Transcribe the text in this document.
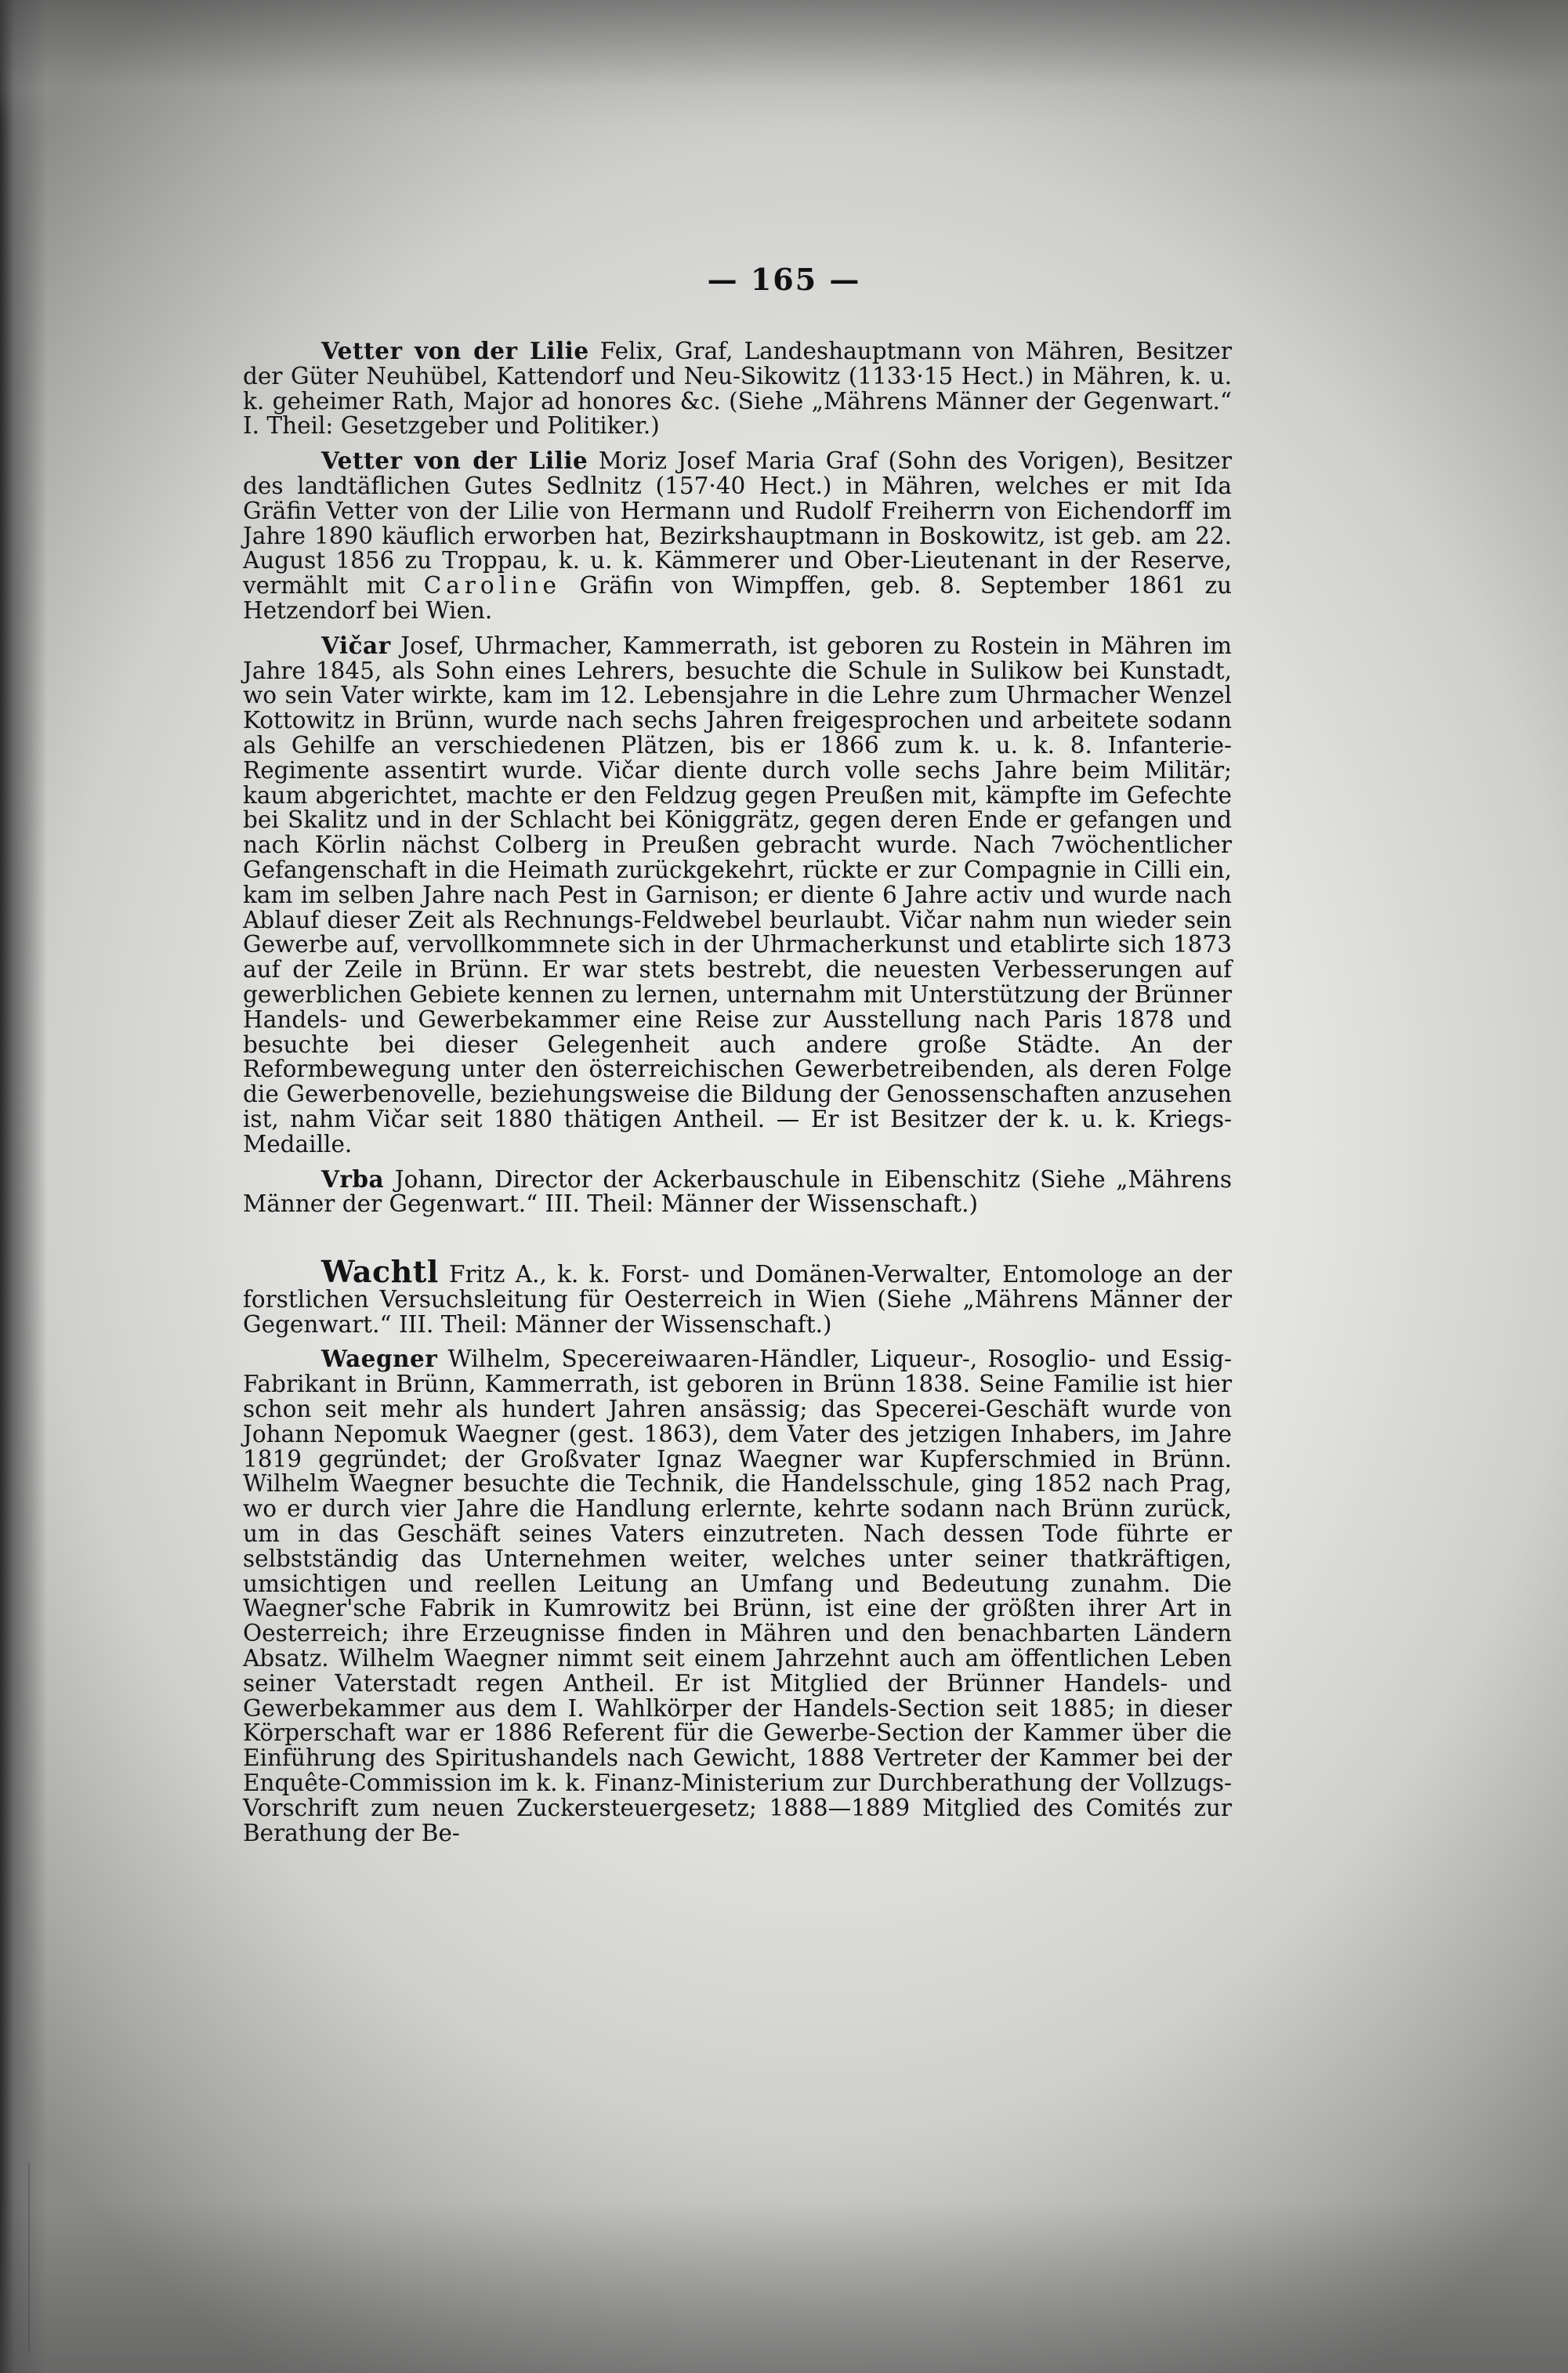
— 165 —

Vetter von der Lilie Felix, Graf, Landeshauptmann von Mähren, Besitzer der Güter Neuhübel, Kattendorf und Neu-Sikowitz (1133·15 Hect.) in Mähren, k. u. k. geheimer Rath, Major ad honores &c. (Siehe „Mährens Männer der Gegenwart.“ I. Theil: Gesetzgeber und Politiker.)

Vetter von der Lilie Moriz Josef Maria Graf (Sohn des Vorigen), Besitzer des landtäflichen Gutes Sedlnitz (157·40 Hect.) in Mähren, welches er mit Ida Gräfin Vetter von der Lilie von Hermann und Rudolf Freiherrn von Eichendorff im Jahre 1890 käuflich erworben hat, Bezirkshauptmann in Boskowitz, ist geb. am 22. August 1856 zu Troppau, k. u. k. Kämmerer und Ober-Lieutenant in der Reserve, vermählt mit Caroline Gräfin von Wimpffen, geb. 8. September 1861 zu Hetzendorf bei Wien.

Vičar Josef, Uhrmacher, Kammerrath, ist geboren zu Rostein in Mähren im Jahre 1845, als Sohn eines Lehrers, besuchte die Schule in Sulikow bei Kunstadt, wo sein Vater wirkte, kam im 12. Lebensjahre in die Lehre zum Uhrmacher Wenzel Kottowitz in Brünn, wurde nach sechs Jahren freigesprochen und arbeitete sodann als Gehilfe an verschiedenen Plätzen, bis er 1866 zum k. u. k. 8. Infanterie-Regimente assentirt wurde. Vičar diente durch volle sechs Jahre beim Militär; kaum abgerichtet, machte er den Feldzug gegen Preußen mit, kämpfte im Gefechte bei Skalitz und in der Schlacht bei Königgrätz, gegen deren Ende er gefangen und nach Körlin nächst Colberg in Preußen gebracht wurde. Nach 7wöchentlicher Gefangenschaft in die Heimath zurückgekehrt, rückte er zur Compagnie in Cilli ein, kam im selben Jahre nach Pest in Garnison; er diente 6 Jahre activ und wurde nach Ablauf dieser Zeit als Rechnungs-Feldwebel beurlaubt. Vičar nahm nun wieder sein Gewerbe auf, vervollkommnete sich in der Uhrmacherkunst und etablirte sich 1873 auf der Zeile in Brünn. Er war stets bestrebt, die neuesten Verbesserungen auf gewerblichen Gebiete kennen zu lernen, unternahm mit Unterstützung der Brünner Handels- und Gewerbekammer eine Reise zur Ausstellung nach Paris 1878 und besuchte bei dieser Gelegenheit auch andere große Städte. An der Reformbewegung unter den österreichischen Gewerbetreibenden, als deren Folge die Gewerbenovelle, beziehungsweise die Bildung der Genossenschaften anzusehen ist, nahm Vičar seit 1880 thätigen Antheil. — Er ist Besitzer der k. u. k. Kriegs-Medaille.

Vrba Johann, Director der Ackerbauschule in Eibenschitz (Siehe „Mährens Männer der Gegenwart.“ III. Theil: Männer der Wissenschaft.)

Wachtl Fritz A., k. k. Forst- und Domänen-Verwalter, Entomologe an der forstlichen Versuchsleitung für Oesterreich in Wien (Siehe „Mährens Männer der Gegenwart.“ III. Theil: Männer der Wissenschaft.)

Waegner Wilhelm, Specereiwaaren-Händler, Liqueur-, Rosoglio- und Essig-Fabrikant in Brünn, Kammerrath, ist geboren in Brünn 1838. Seine Familie ist hier schon seit mehr als hundert Jahren ansässig; das Specerei-Geschäft wurde von Johann Nepomuk Waegner (gest. 1863), dem Vater des jetzigen Inhabers, im Jahre 1819 gegründet; der Großvater Ignaz Waegner war Kupferschmied in Brünn. Wilhelm Waegner besuchte die Technik, die Handelsschule, ging 1852 nach Prag, wo er durch vier Jahre die Handlung erlernte, kehrte sodann nach Brünn zurück, um in das Geschäft seines Vaters einzutreten. Nach dessen Tode führte er selbstständig das Unternehmen weiter, welches unter seiner thatkräftigen, umsichtigen und reellen Leitung an Umfang und Bedeutung zunahm. Die Waegner'sche Fabrik in Kumrowitz bei Brünn, ist eine der größten ihrer Art in Oesterreich; ihre Erzeugnisse finden in Mähren und den benachbarten Ländern Absatz. Wilhelm Waegner nimmt seit einem Jahrzehnt auch am öffentlichen Leben seiner Vaterstadt regen Antheil. Er ist Mitglied der Brünner Handels- und Gewerbekammer aus dem I. Wahlkörper der Handels-Section seit 1885; in dieser Körperschaft war er 1886 Referent für die Gewerbe-Section der Kammer über die Einführung des Spiritushandels nach Gewicht, 1888 Vertreter der Kammer bei der Enquête-Commission im k. k. Finanz-Ministerium zur Durchberathung der Vollzugs-Vorschrift zum neuen Zuckersteuergesetz; 1888—1889 Mitglied des Comités zur Berathung der Be-
